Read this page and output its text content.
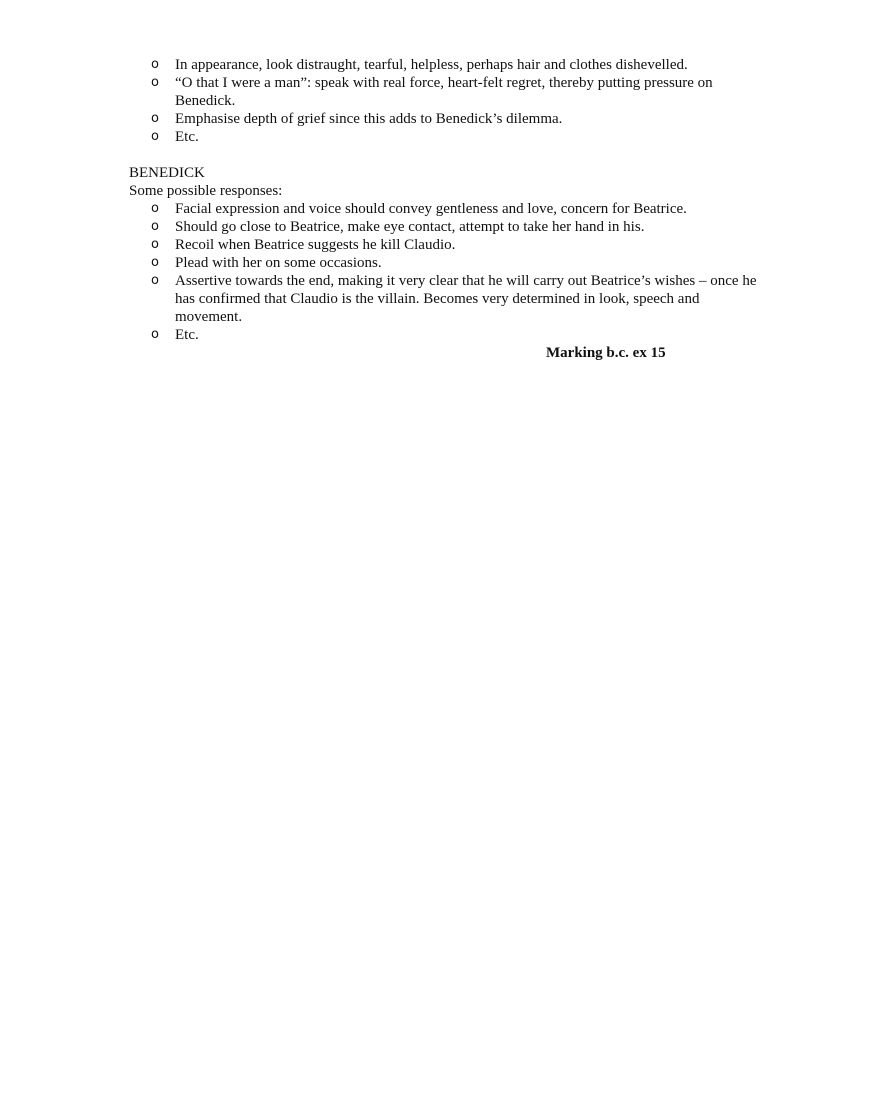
o In appearance, look distraught, tearful, helpless, perhaps hair and clothes dishevelled.
o “O that I were a man”: speak with real force, heart-felt regret, thereby putting pressure on Benedick.
o Emphasise depth of grief since this adds to Benedick’s dilemma.
o Etc.
BENEDICK
Some possible responses:
o Facial expression and voice should convey gentleness and love, concern for Beatrice.
o Should go close to Beatrice, make eye contact, attempt to take her hand in his.
o Recoil when Beatrice suggests he kill Claudio.
o Plead with her on some occasions.
o Assertive towards the end, making it very clear that he will carry out Beatrice’s wishes – once he has confirmed that Claudio is the villain. Becomes very determined in look, speech and movement.
o Etc.
Marking b.c. ex 15
